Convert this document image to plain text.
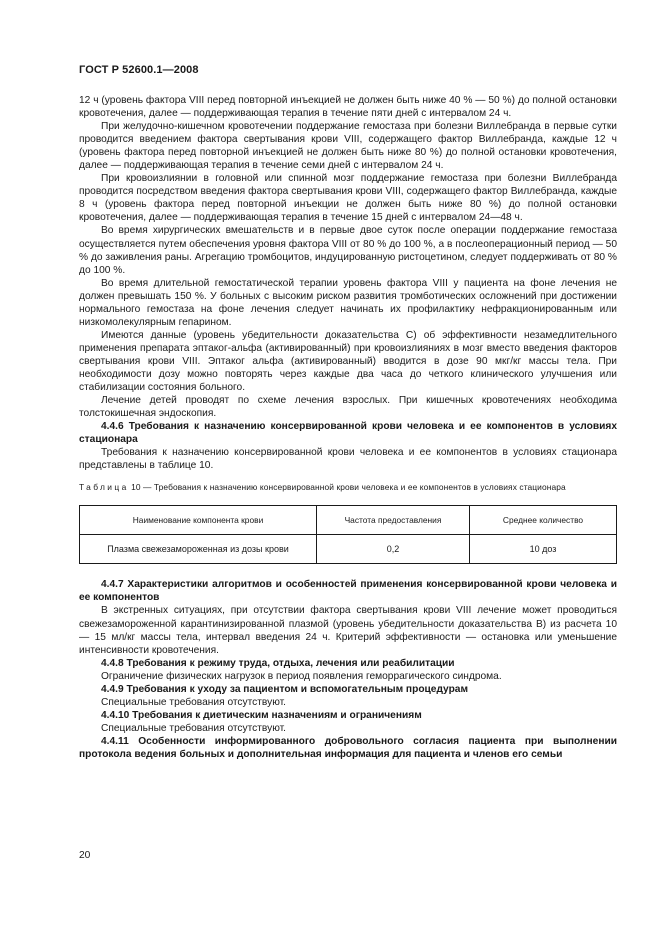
ГОСТ Р 52600.1—2008

12 ч (уровень фактора VIII перед повторной инъекцией не должен быть ниже 40 % — 50 %) до полной остановки кровотечения, далее — поддерживающая терапия в течение пяти дней с интервалом 24 ч.

При желудочно-кишечном кровотечении поддержание гемостаза при болезни Виллебранда в первые сутки проводится введением фактора свертывания крови VIII, содержащего фактор Виллебранда, каждые 12 ч (уровень фактора перед повторной инъекцией не должен быть ниже 80 %) до полной остановки кровотечения, далее — поддерживающая терапия в течение семи дней с интервалом 24 ч.

При кровоизлиянии в головной или спинной мозг поддержание гемостаза при болезни Виллебранда проводится посредством введения фактора свертывания крови VIII, содержащего фактор Виллебранда, каждые 8 ч (уровень фактора перед повторной инъекции не должен быть ниже 80 %) до полной остановки кровотечения, далее — поддерживающая терапия в течение 15 дней с интервалом 24—48 ч.

Во время хирургических вмешательств и в первые двое суток после операции поддержание гемостаза осуществляется путем обеспечения уровня фактора VIII от 80 % до 100 %, а в послеоперационный период — 50 % до заживления раны. Агрегацию тромбоцитов, индуцированную ристоцетином, следует поддерживать от 80 % до 100 %.

Во время длительной гемостатической терапии уровень фактора VIII у пациента на фоне лечения не должен превышать 150 %. У больных с высоким риском развития тромботических осложнений при достижении нормального гемостаза на фоне лечения следует начинать их профилактику нефракционированным или низкомолекулярным гепарином.

Имеются данные (уровень убедительности доказательства С) об эффективности незамедлительного применения препарата эптаког-альфа (активированный) при кровоизлияниях в мозг вместо введения факторов свертывания крови VIII. Эптаког альфа (активированный) вводится в дозе 90 мкг/кг массы тела. При необходимости дозу можно повторять через каждые два часа до четкого клинического улучшения или стабилизации состояния больного.

Лечение детей проводят по схеме лечения взрослых. При кишечных кровотечениях необходима толстокишечная эндоскопия.

4.4.6 Требования к назначению консервированной крови человека и ее компонентов в условиях стационара

Требования к назначению консервированной крови человека и ее компонентов в условиях стационара представлены в таблице 10.

Таблица 10 — Требования к назначению консервированной крови человека и ее компонентов в условиях стационара
Наименование компонента крови	Частота предоставления	Среднее количество
Плазма свежезамороженная из дозы крови	0,2	10 доз

4.4.7 Характеристики алгоритмов и особенностей применения консервированной крови человека и ее компонентов

В экстренных ситуациях, при отсутствии фактора свертывания крови VIII лечение может проводиться свежезамороженной карантинизированной плазмой (уровень убедительности доказательства В) из расчета 10 — 15 мл/кг массы тела, интервал введения 24 ч. Критерий эффективности — остановка или уменьшение интенсивности кровотечения.

4.4.8 Требования к режиму труда, отдыха, лечения или реабилитации

Ограничение физических нагрузок в период появления геморрагического синдрома.

4.4.9 Требования к уходу за пациентом и вспомогательным процедурам

Специальные требования отсутствуют.

4.4.10 Требования к диетическим назначениям и ограничениям

Специальные требования отсутствуют.

4.4.11 Особенности информированного добровольного согласия пациента при выполнении протокола ведения больных и дополнительная информация для пациента и членов его семьи

20
